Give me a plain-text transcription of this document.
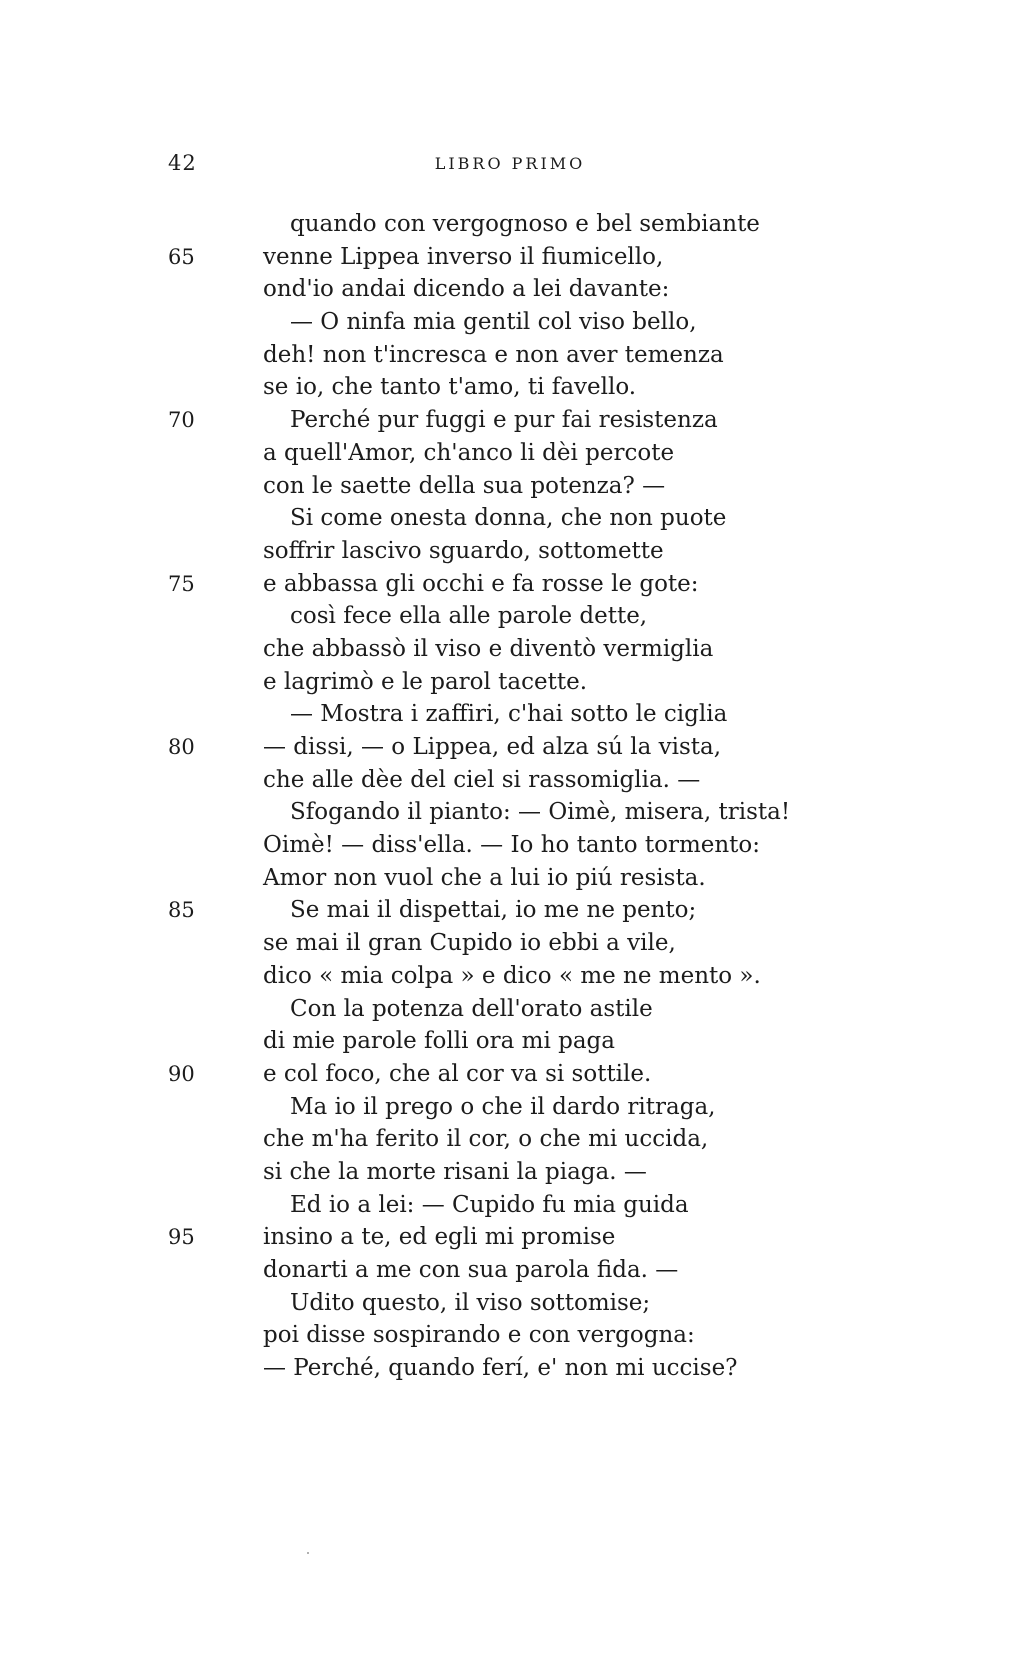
42	LIBRO PRIMO
quando con vergognoso e bel sembiante
65	venne Lippea inverso il fiumicello,
ond'io andai dicendo a lei davante:
— O ninfa mia gentil col viso bello,
deh! non t'incresca e non aver temenza
se io, che tanto t'amo, ti favello.
70	Perché pur fuggi e pur fai resistenza
a quell'Amor, ch'anco li dèi percote
con le saette della sua potenza? —
Si come onesta donna, che non puote
soffrir lascivo sguardo, sottomette
75	e abbassa gli occhi e fa rosse le gote:
così fece ella alle parole dette,
che abbassò il viso e diventò vermiglia
e lagrimò e le parol tacette.
— Mostra i zaffiri, c'hai sotto le ciglia
80	— dissi, — o Lippea, ed alza sú la vista,
che alle dèe del ciel si rassomiglia. —
Sfogando il pianto: — Oimè, misera, trista!
Oimè! — diss'ella. — Io ho tanto tormento:
Amor non vuol che a lui io piú resista.
85	Se mai il dispettai, io me ne pento;
se mai il gran Cupido io ebbi a vile,
dico « mia colpa » e dico « me ne mento ».
Con la potenza dell'orato astile
di mie parole folli ora mi paga
90	e col foco, che al cor va si sottile.
Ma io il prego o che il dardo ritraga,
che m'ha ferito il cor, o che mi uccida,
si che la morte risani la piaga. —
Ed io a lei: — Cupido fu mia guida
95	insino a te, ed egli mi promise
donarti a me con sua parola fida. —
Udito questo, il viso sottomise;
poi disse sospirando e con vergogna:
— Perché, quando ferí, e' non mi uccise?
